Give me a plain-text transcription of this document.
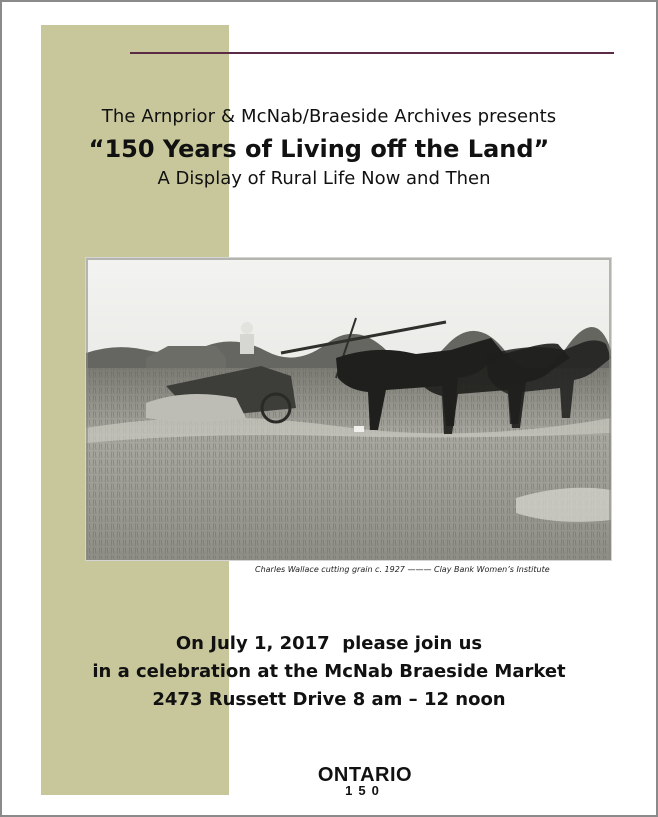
The Arnprior & McNab/Braeside Archives presents

“150 Years of Living off the Land”

A Display of Rural Life Now and Then

Charles Wallace cutting grain c. 1927 ——— Clay Bank Women’s Institute

On July 1, 2017  please join us

in a celebration at the McNab Braeside Market

2473 Russett Drive 8 am – 12 noon

ONTARIO
150
